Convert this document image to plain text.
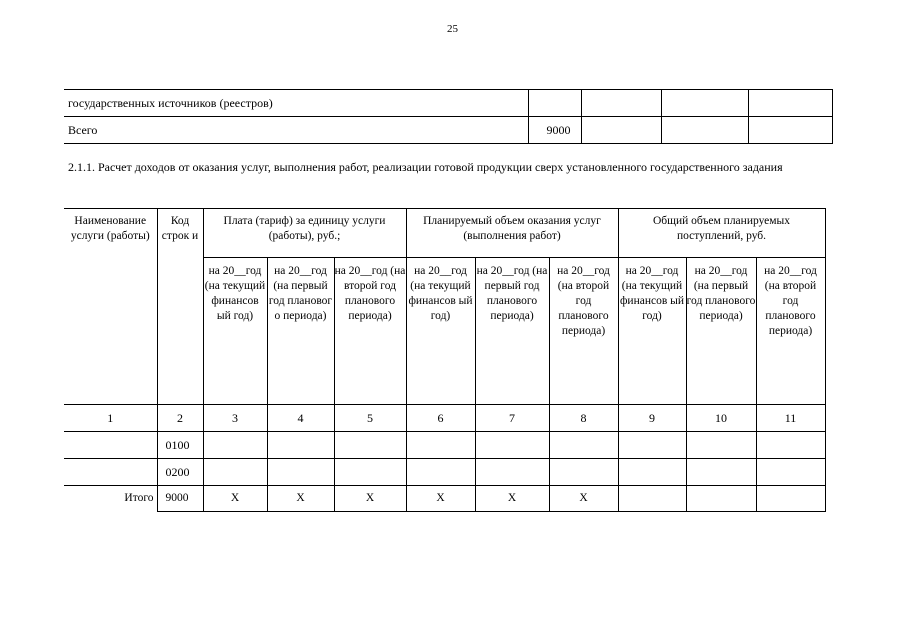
25
государственных источников (реестров)				
Всего	9000			
2.1.1. Расчет доходов от оказания услуг, выполнения работ, реализации готовой продукции сверх установленного государственного задания
Наименование услуги (работы)	Код строк и	Плата (тариф) за единицу услуги (работы), руб.;			Планируемый объем оказания услуг (выполнения работ)			Общий объем планируемых поступлений, руб.		
		на 20__год (на текущий финансов ый год)	на 20__год (на первый год плановог о периода)	на 20__год (на второй год планового периода)	на 20__год (на текущий финансов ый год)	на 20__год (на первый год планового периода)	на 20__год (на второй год планового периода)	на 20__год (на текущий финансов ый год)	на 20__год (на первый год планового периода)	на 20__год (на второй год планового периода)
1	2	3	4	5	6	7	8	9	10	11
	0100									
	0200									
Итого	9000	X	X	X	X	X	X			
